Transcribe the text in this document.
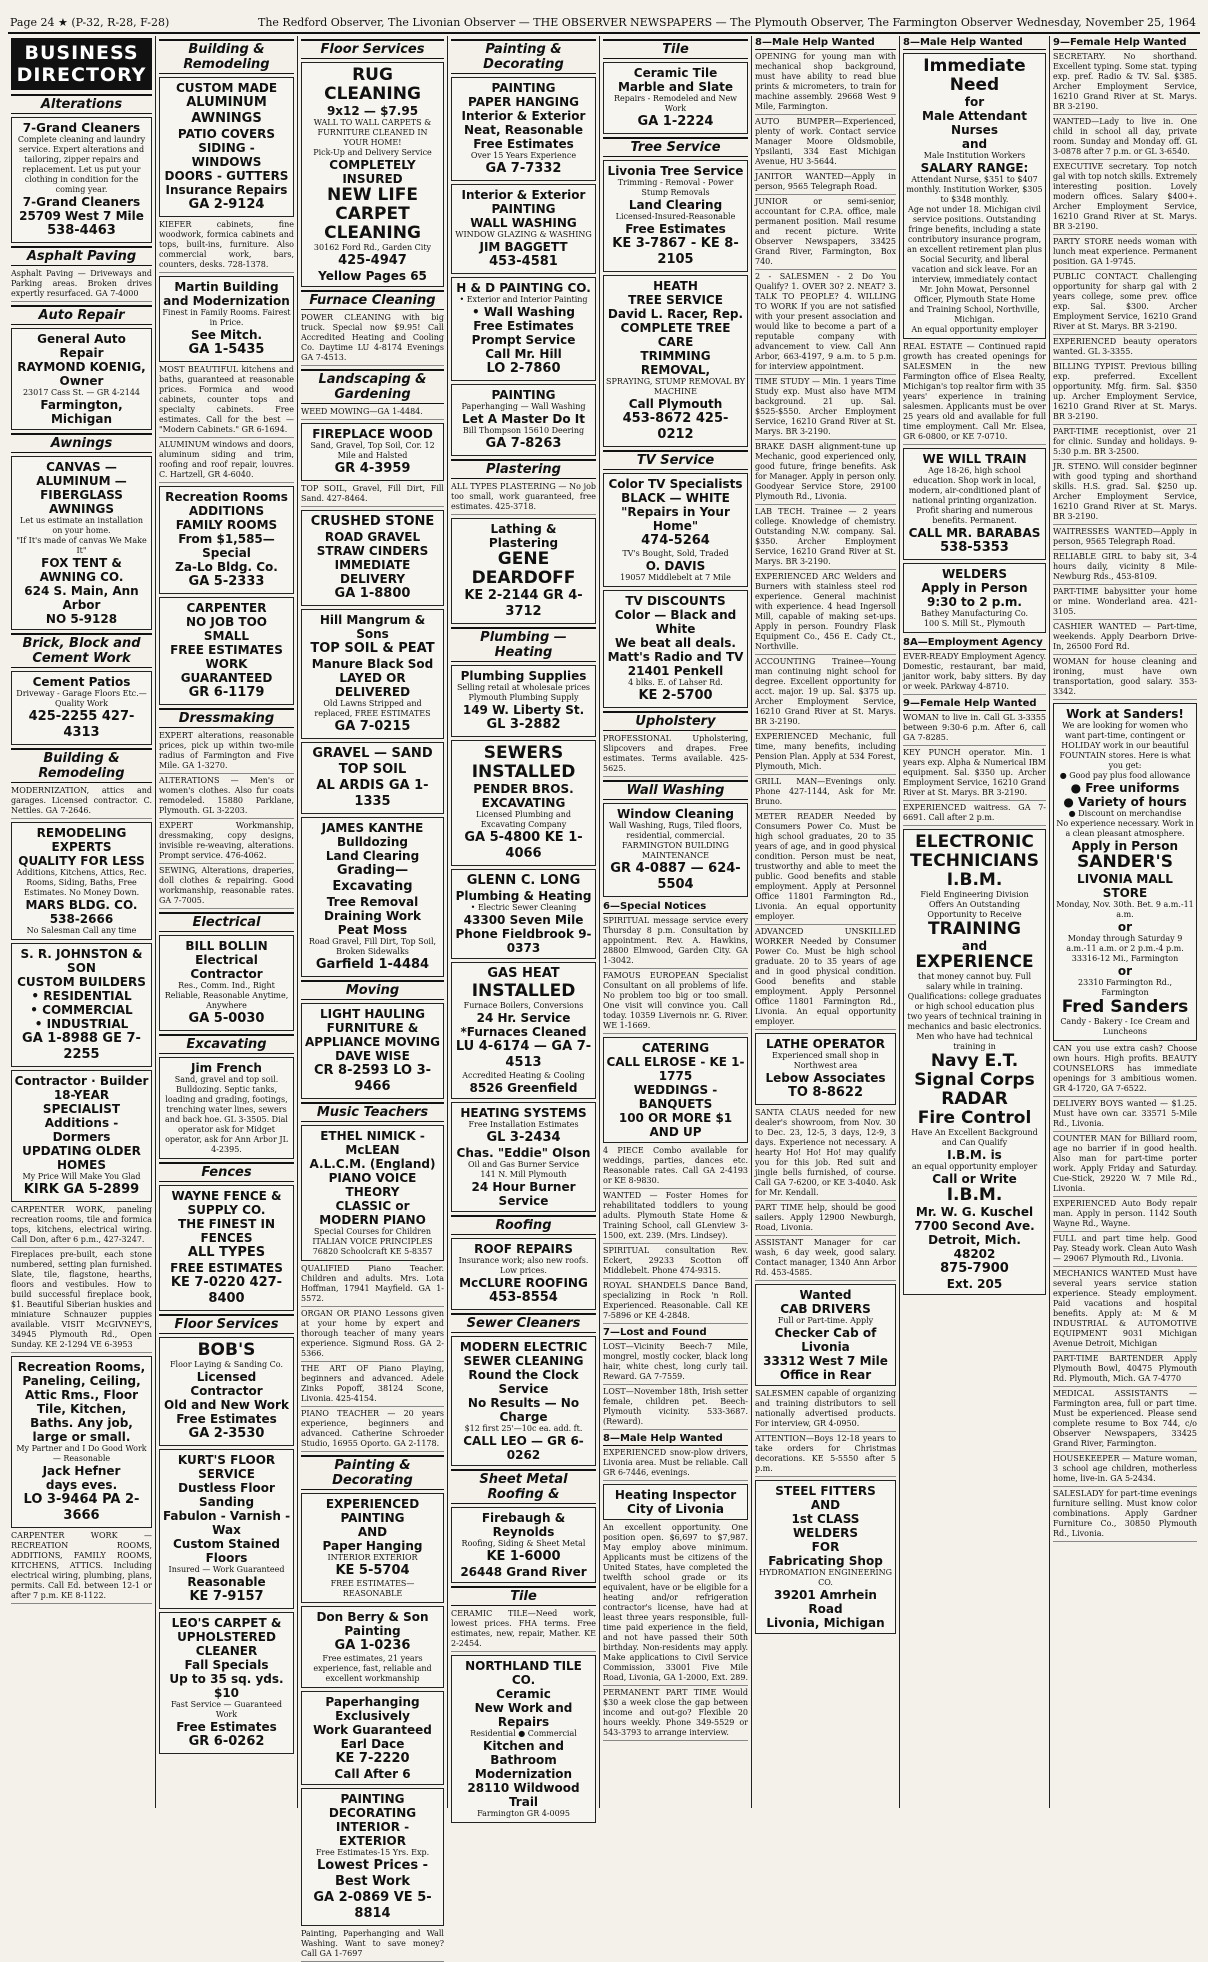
Page 24 ★ (P-32, R-28, F-28)	The Redford Observer, The Livonian Observer — THE OBSERVER NEWSPAPERS — The Plymouth Observer, The Farmington Observer Wednesday, November 25, 1964
BUSINESS
DIRECTORY
Alterations
7-Grand Cleaners
Complete cleaning and laundry service. Expert alterations and tailoring, zipper repairs and replacement. Let us put your clothing in condition for the coming year.
7-Grand Cleaners
25709 West 7 Mile
538-4463
Asphalt Paving
Asphalt Paving — Driveways and Parking areas. Broken drives expertly resurfaced. GA 7-4000
Auto Repair
General Auto Repair
RAYMOND KOENIG, Owner
23017 Cass St. — GR 4-2144
Farmington, Michigan
Awnings
CANVAS — ALUMINUM — FIBERGLASS AWNINGS
Let us estimate an installation on your home.
"If It's made of canvas We Make It"
FOX TENT & AWNING CO.
624 S. Main, Ann Arbor
NO 5-9128
Brick, Block and Cement Work
Cement Patios
Driveway - Garage Floors Etc.—Quality Work
425-2255 427-4313
Building & Remodeling
MODERNIZATION, attics and garages. Licensed contractor. C. Nettles. GA 7-2646.
REMODELING EXPERTS
QUALITY FOR LESS
Additions, Kitchens, Attics, Rec. Rooms, Siding, Baths, Free Estimates. No Money Down.
MARS BLDG. CO. 538-2666
No Salesman Call any time
S. R. JOHNSTON & SON
CUSTOM BUILDERS
• RESIDENTIAL
• COMMERCIAL
• INDUSTRIAL
GA 1-8988 GE 7-2255
Contractor · Builder
18-YEAR SPECIALIST
Additions - Dormers
UPDATING OLDER HOMES
My Price Will Make You Glad
KIRK GA 5-2899
CARPENTER WORK, paneling recreation rooms, tile and formica tops, kitchens, electrical wiring. Call Don, after 6 p.m., 427-3247.
Fireplaces pre-built, each stone numbered, setting plan furnished. Slate, tile, flagstone, hearths, floors and vestibules. How to build successful fireplace book, $1. Beautiful Siberian huskies and miniature Schnauzer puppies available. VISIT McGIVNEY'S, 34945 Plymouth Rd., Open Sunday. KE 2-1294 VE 6-3953
Recreation Rooms, Paneling, Ceiling, Attic Rms., Floor Tile, Kitchen, Baths. Any job, large or small.
My Partner and I Do Good Work — Reasonable
Jack Hefner
days eves.
LO 3-9464 PA 2-3666
CARPENTER WORK — RECREATION ROOMS, ADDITIONS, FAMILY ROOMS, KITCHENS, ATTICS. Including electrical wiring, plumbing, plans, permits. Call Ed. between 12-1 or after 7 p.m. KE 8-1122.
Building & Remodeling
CUSTOM MADE
ALUMINUM AWNINGS
PATIO COVERS
SIDING - WINDOWS
DOORS - GUTTERS
Insurance Repairs
GA 2-9124
KIEFER cabinets, fine woodwork, formica cabinets and tops, built-ins, furniture. Also commercial work, bars, counters, desks. 728-1378.
Martin Building and Modernization
Finest in Family Rooms. Fairest in Price.
See Mitch.
GA 1-5435
MOST BEAUTIFUL kitchens and baths, guaranteed at reasonable prices. Formica and wood cabinets, counter tops and specialty cabinets. Free estimates. Call for the best — "Modern Cabinets." GR 6-1694.
ALUMINUM windows and doors, aluminum siding and trim, roofing and roof repair, louvres. C. Hartzell, GR 4-6040.
Recreation Rooms
ADDITIONS
FAMILY ROOMS
From $1,585—Special
Za-Lo Bldg. Co.
GA 5-2333
CARPENTER
NO JOB TOO SMALL
FREE ESTIMATES
WORK GUARANTEED
GR 6-1179
Dressmaking
EXPERT alterations, reasonable prices, pick up within two-mile radius of Farmington and Five Mile. GA 1-3270.
ALTERATIONS — Men's or women's clothes. Also fur coats remodeled. 15880 Parklane, Plymouth. GL 3-2203.
EXPERT Workmanship, dressmaking, copy designs, invisible re-weaving, alterations. Prompt service. 476-4062.
SEWING, Alterations, draperies, doll clothes & repairing. Good workmanship, reasonable rates. GA 7-7005.
Electrical
BILL BOLLIN
Electrical Contractor
Res., Comm. Ind., Right Reliable, Reasonable Anytime, Anywhere
GA 5-0030
Excavating
Jim French
Sand, gravel and top soil. Bulldozing. Septic tanks, loading and grading, footings, trenching water lines, sewers and back hoe. GL 3-3505. Dial operator ask for Midget operator, ask for Ann Arbor JL 4-2395.
Fences
WAYNE FENCE & SUPPLY CO.
THE FINEST IN FENCES
ALL TYPES
FREE ESTIMATES
KE 7-0220 427-8400
Floor Services
BOB'S
Floor Laying & Sanding Co.
Licensed Contractor
Old and New Work
Free Estimates
GA 2-3530
KURT'S FLOOR SERVICE
Dustless Floor Sanding
Fabulon - Varnish - Wax
Custom Stained Floors
Insured — Work Guaranteed
Reasonable
KE 7-9157
LEO'S CARPET & UPHOLSTERED CLEANER
Fall Specials
Up to 35 sq. yds. $10
Fast Service — Guaranteed Work
Free Estimates
GR 6-0262
Floor Services
RUG CLEANING
9x12 — $7.95
WALL TO WALL CARPETS & FURNITURE CLEANED IN YOUR HOME!
Pick-Up and Delivery Service
COMPLETELY INSURED
NEW LIFE CARPET CLEANING
30162 Ford Rd., Garden City
425-4947
Yellow Pages 65
Furnace Cleaning
POWER CLEANING with big truck. Special now $9.95! Call Accredited Heating and Cooling Co. Daytime LU 4-8174 Evenings GA 7-4513.
Landscaping & Gardening
WEED MOWING—GA 1-4484.
FIREPLACE WOOD
Sand, Gravel, Top Soil, Cor. 12 Mile and Halsted
GR 4-3959
TOP SOIL, Gravel, Fill Dirt, Fill Sand. 427-8464.
CRUSHED STONE
ROAD GRAVEL
STRAW CINDERS
IMMEDIATE DELIVERY
GA 1-8800
Hill Mangrum & Sons
TOP SOIL & PEAT
Manure Black Sod
LAYED OR DELIVERED
Old Lawns Stripped and replaced, FREE ESTIMATES
GA 7-0215
GRAVEL — SAND
TOP SOIL
AL ARDIS GA 1-1335
JAMES KANTHE
Bulldozing
Land Clearing
Grading—Excavating
Tree Removal
Draining Work
Peat Moss
Road Gravel, Fill Dirt, Top Soil, Broken Sidewalks
Garfield 1-4484
Moving
LIGHT HAULING
FURNITURE &
APPLIANCE MOVING
DAVE WISE
CR 8-2593 LO 3-9466
Music Teachers
ETHEL NIMICK - McLEAN
A.L.C.M. (England)
PIANO VOICE THEORY
CLASSIC or MODERN PIANO
Special Courses for Children
ITALIAN VOICE PRINCIPLES
76820 Schoolcraft KE 5-8357
QUALIFIED Piano Teacher. Children and adults. Mrs. Lota Hoffman, 17941 Mayfield. GA 1-5572.
ORGAN OR PIANO Lessons given at your home by expert and thorough teacher of many years experience. Sigmund Ross. GA 2-5366.
THE ART OF Piano Playing, beginners and advanced. Adele Zinks Popoff, 38124 Scone, Livonia. 425-4154.
PIANO TEACHER — 20 years experience, beginners and advanced. Catherine Schroeder Studio, 16955 Oporto. GA 2-1178.
Painting & Decorating
EXPERIENCED
PAINTING
AND
Paper Hanging
INTERIOR EXTERIOR
KE 5-5704
FREE ESTIMATES—REASONABLE
Don Berry & Son
Painting
GA 1-0236
Free estimates, 21 years experience, fast, reliable and excellent workmanship
Paperhanging
Exclusively
Work Guaranteed
Earl Dace
KE 7-2220
Call After 6
PAINTING
DECORATING
INTERIOR - EXTERIOR
Free Estimates-15 Yrs. Exp.
Lowest Prices - Best Work
GA 2-0869 VE 5-8814
Painting, Paperhanging and Wall Washing. Want to save money? Call GA 1-7697
Painting & Decorating
PAINTING
PAPER HANGING
Interior & Exterior
Neat, Reasonable
Free Estimates
Over 15 Years Experience
GA 7-7332
Interior & Exterior
PAINTING
WALL WASHING
WINDOW GLAZING & WASHING
JIM BAGGETT
453-4581
H & D PAINTING CO.
• Exterior and Interior Painting
• Wall Washing
Free Estimates
Prompt Service
Call Mr. Hill
LO 2-7860
PAINTING
Paperhanging — Wall Washing
Let A Master Do It
Bill Thompson 15610 Deering
GA 7-8263
Plastering
ALL TYPES PLASTERING — No job too small, work guaranteed, free estimates. 425-3718.
Lathing & Plastering
GENE
DEARDOFF
KE 2-2144 GR 4-3712
Plumbing — Heating
Plumbing Supplies
Selling retail at wholesale prices
Plymouth Plumbing Supply
149 W. Liberty St.
GL 3-2882
SEWERS
INSTALLED
PENDER BROS.
EXCAVATING
Licensed Plumbing and Excavating Company
GA 5-4800 KE 1-4066
GLENN C. LONG
Plumbing & Heating
• Electric Sewer Cleaning
43300 Seven Mile
Phone Fieldbrook 9-0373
GAS HEAT
INSTALLED
Furnace Boilers, Conversions
24 Hr. Service
*Furnaces Cleaned
LU 4-6174 — GA 7-4513
Accredited Heating & Cooling
8526 Greenfield
HEATING SYSTEMS
Free Installation Estimates
GL 3-2434
Chas. "Eddie" Olson
Oil and Gas Burner Service
141 N. Mill Plymouth
24 Hour Burner Service
Roofing
ROOF REPAIRS
Insurance work; also new roofs. Low prices.
McCLURE ROOFING
453-8554
Sewer Cleaners
MODERN ELECTRIC
SEWER CLEANING
Round the Clock Service
No Results — No Charge
$12 first 25'—10c ea. add. ft.
CALL LEO — GR 6-0262
Sheet Metal Roofing &
Firebaugh & Reynolds
Roofing, Siding & Sheet Metal
KE 1-6000
26448 Grand River
Tile
CERAMIC TILE—Need work, lowest prices. FHA terms. Free estimates, new, repair, Mather. KE 2-2454.
NORTHLAND TILE CO.
Ceramic
New Work and Repairs
Residential ● Commercial
Kitchen and Bathroom
Modernization
28110 Wildwood Trail
Farmington GR 4-0095
Tile
Ceramic Tile
Marble and Slate
Repairs - Remodeled and New Work
GA 1-2224
Tree Service
Livonia Tree Service
Trimming - Removal - Power Stump Removals
Land Clearing
Licensed-Insured-Reasonable
Free Estimates
KE 3-7867 - KE 8-2105
HEATH
TREE SERVICE
David L. Racer, Rep.
COMPLETE TREE CARE
TRIMMING REMOVAL,
SPRAYING, STUMP REMOVAL BY MACHINE
Call Plymouth
453-8672 425-0212
TV Service
Color TV Specialists
BLACK — WHITE
"Repairs in Your Home"
474-5264
TV's Bought, Sold, Traded
O. DAVIS
19057 Middlebelt at 7 Mile
TV DISCOUNTS
Color — Black and White
We beat all deals.
Matt's Radio and TV
21401 Penkell
4 blks. E. of Lahser Rd.
KE 2-5700
Upholstery
PROFESSIONAL Upholstering, Slipcovers and drapes. Free estimates. Terms available. 425-5625.
Wall Washing
Window Cleaning
Wall Washing, Rugs, Tiled floors, residential, commercial.
FARMINGTON BUILDING MAINTENANCE
GR 4-0887 — 624-5504
6—Special Notices
SPIRITUAL message service every Thursday 8 p.m. Consultation by appointment. Rev. A. Hawkins, 28800 Elmwood, Garden City. GA 1-3042.
FAMOUS EUROPEAN Specialist Consultant on all problems of life. No problem too big or too small. One visit will convince you. Call today. 10359 Livernois nr. G. River. WE 1-1669.
CATERING
CALL ELROSE - KE 1-1775
WEDDINGS - BANQUETS
100 OR MORE $1 AND UP
4 PIECE Combo available for weddings, parties, dances etc. Reasonable rates. Call GA 2-4193 or KE 8-9830.
WANTED — Foster Homes for rehabilitated toddlers to young adults. Plymouth State Home & Training School, call GLenview 3-1500, ext. 239. (Mrs. Lindsey).
SPIRITUAL consultation Rev. Eckert, 29233 Scotton off Middlebelt. Phone 474-9315.
ROYAL SHANDELS Dance Band, specializing in Rock 'n Roll. Experienced. Reasonable. Call KE 7-5896 or KE 4-2848.
7—Lost and Found
LOST—Vicinity Beech-7 Mile, mongrel, mostly cocker, black long hair, white chest, long curly tail. Reward. GA 7-7559.
LOST—November 18th, Irish setter female, children pet. Beech-Plymouth vicinity. 533-3687. (Reward).
8—Male Help Wanted
EXPERIENCED snow-plow drivers, Livonia area. Must be reliable. Call GR 6-7446, evenings.
Heating Inspector
City of Livonia
An excellent opportunity. One position open. $6,697 to $7,987. May employ above minimum. Applicants must be citizens of the United States, have completed the twelfth school grade or its equivalent, have or be eligible for a heating and/or refrigeration contractor's license, have had at least three years responsible, full-time paid experience in the field, and not have passed their 50th birthday. Non-residents may apply. Make applications to Civil Service Commission, 33001 Five Mile Road, Livonia, GA 1-2000, Ext. 289.
PERMANENT PART TIME Would $30 a week close the gap between income and out-go? Flexible 20 hours weekly. Phone 349-5529 or 543-3793 to arrange interview.
8—Male Help Wanted
OPENING for young man with mechanical shop background, must have ability to read blue prints & micrometers, to train for machine assembly. 29668 West 9 Mile, Farmington.
AUTO BUMPER—Experienced, plenty of work. Contact service Manager Moore Oldsmobile, Ypsilanti, 334 East Michigan Avenue, HU 3-5644.
JANITOR WANTED—Apply in person, 9565 Telegraph Road.
JUNIOR or semi-senior, accountant for C.P.A. office, male permanent position. Mail resume and recent picture. Write Observer Newspapers, 33425 Grand River, Farmington, Box 740.
2 - SALESMEN - 2 Do You Qualify? 1. OVER 30? 2. NEAT? 3. TALK TO PEOPLE? 4. WILLING TO WORK If you are not satisfied with your present association and would like to become a part of a reputable company with advancement to view. Call Ann Arbor, 663-4197, 9 a.m. to 5 p.m. for interview appointment.
TIME STUDY — Min. 1 years Time Study exp. Must also have MTM background. 21 up. Sal. $525-$550. Archer Employment Service, 16210 Grand River at St. Marys. BR 3-2190.
BRAKE DASH alignment-tune up Mechanic, good experienced only, good future, fringe benefits. Ask for Manager. Apply in person only. Goodyear Service Store, 29100 Plymouth Rd., Livonia.
LAB TECH. Trainee — 2 years college. Knowledge of chemistry. Outstanding N.W. company. Sal. $350. Archer Employment Service, 16210 Grand River at St. Marys. BR 3-2190.
EXPERIENCED ARC Welders and Burners with stainless steel rod experience. General machinist with experience. 4 head Ingersoll Mill, capable of making set-ups. Apply in person. Foundry Flask Equipment Co., 456 E. Cady Ct., Northville.
ACCOUNTING Trainee—Young man continuing night school for degree. Excellent opportunity for acct. major. 19 up. Sal. $375 up. Archer Employment Service, 16210 Grand River at St. Marys. BR 3-2190.
EXPERIENCED Mechanic, full time, many benefits, including Pension Plan. Apply at 534 Forest, Plymouth, Mich.
GRILL MAN—Evenings only. Phone 427-1144, Ask for Mr. Bruno.
METER READER Needed by Consumers Power Co. Must be high school graduates, 20 to 35 years of age, and in good physical condition. Person must be neat, trustworthy and able to meet the public. Good benefits and stable employment. Apply at Personnel Office 11801 Farmington Rd., Livonia. An equal opportunity employer.
ADVANCED UNSKILLED WORKER Needed by Consumer Power Co. Must be high school graduate. 20 to 35 years of age and in good physical condition. Good benefits and stable employment. Apply Personnel Office 11801 Farmington Rd., Livonia. An equal opportunity employer.
LATHE OPERATOR
Experienced small shop in Northwest area
Lebow Associates
TO 8-8622
SANTA CLAUS needed for new dealer's showroom, from Nov. 30 to Dec. 23, 12-5, 3 days, 12-9, 3 days. Experience not necessary. A hearty Ho! Ho! Ho! may qualify you for this job. Red suit and jingle bells furnished, of course. Call GA 7-6200, or KE 3-4040. Ask for Mr. Kendall.
PART TIME help, should be good sailers. Apply 12900 Newburgh, Road, Livonia.
ASSISTANT Manager for car wash, 6 day week, good salary. Contact manager, 1340 Ann Arbor Rd. 453-4585.
Wanted
CAB DRIVERS
Full or Part-time. Apply
Checker Cab of Livonia
33312 West 7 Mile
Office in Rear
SALESMEN capable of organizing and training distributors to sell nationally advertised products. For interview, GR 4-0950.
ATTENTION—Boys 12-18 years to take orders for Christmas decorations. KE 5-5550 after 5 p.m.
STEEL FITTERS
AND
1st CLASS WELDERS
FOR
Fabricating Shop
HYDROMATION ENGINEERING CO.
39201 Amrhein Road
Livonia, Michigan
8—Male Help Wanted
Immediate
Need
for
Male Attendant Nurses
and
Male Institution Workers
SALARY RANGE:
Attendant Nurse, $351 to $407 monthly. Institution Worker, $305 to $348 monthly.
Age not under 18. Michigan civil service positions. Outstanding fringe benefits, including a state contributory insurance program, an excellent retirement plan plus Social Security, and liberal vacation and sick leave. For an interview, immediately contact Mr. John Mowat, Personnel Officer, Plymouth State Home and Training School, Northville, Michigan.
An equal opportunity employer
REAL ESTATE — Continued rapid growth has created openings for SALESMEN in the new Farmington office of Elsea Realty, Michigan's top realtor firm with 35 years' experience in training salesmen. Applicants must be over 25 years old and available for full time employment. Call Mr. Elsea, GR 6-0800, or KE 7-0710.
WE WILL TRAIN
Age 18-26, high school education. Shop work in local, modern, air-conditioned plant of national printing organization. Profit sharing and numerous benefits. Permanent.
CALL MR. BARABAS
538-5353
WELDERS
Apply in Person
9:30 to 2 p.m.
Bathey Manufacturing Co.
100 S. Mill St., Plymouth
8A—Employment Agency
EVER-READY Employment Agency. Domestic, restaurant, bar maid, janitor work, baby sitters. By day or week. PArkway 4-8710.
9—Female Help Wanted
WOMAN to live in. Call GL 3-3355 between 9:30-6 p.m. After 6, call GA 7-8285.
KEY PUNCH operator. Min. 1 years exp. Alpha & Numerical IBM equipment. Sal. $350 up. Archer Employment Service, 16210 Grand River at St. Marys. BR 3-2190.
EXPERIENCED waitress. GA 7-6691. Call after 2 p.m.
ELECTRONIC
TECHNICIANS
I.B.M.
Field Engineering Division
Offers An Outstanding Opportunity to Receive
TRAINING
and
EXPERIENCE
that money cannot buy. Full salary while in training. Qualifications: college graduates or high school education plus two years of technical training in mechanics and basic electronics. Men who have had technical training in
Navy E.T.
Signal Corps
RADAR
Fire Control
Have An Excellent Background and Can Qualify
I.B.M. is
an equal opportunity employer
Call or Write
I.B.M.
Mr. W. G. Kuschel
7700 Second Ave.
Detroit, Mich. 48202
875-7900
Ext. 205
9—Female Help Wanted
SECRETARY. No shorthand. Excellent typing. Some stat. typing exp. pref. Radio & TV. Sal. $385. Archer Employment Service, 16210 Grand River at St. Marys. BR 3-2190.
WANTED—Lady to live in. One child in school all day, private room. Sunday and Monday off. GL 3-0878 after 7 p.m. or GL 3-6540.
EXECUTIVE secretary. Top notch gal with top notch skills. Extremely interesting position. Lovely modern offices. Salary $400+. Archer Employment Service, 16210 Grand River at St. Marys. BR 3-2190.
PARTY STORE needs woman with lunch meat experience. Permanent position. GA 1-9745.
PUBLIC CONTACT. Challenging opportunity for sharp gal with 2 years college, some prev. office exp. Sal. $300. Archer Employment Service, 16210 Grand River at St. Marys. BR 3-2190.
EXPERIENCED beauty operators wanted. GL 3-3355.
BILLING TYPIST. Previous billing exp. preferred. Excellent opportunity. Mfg. firm. Sal. $350 up. Archer Employment Service, 16210 Grand River at St. Marys. BR 3-2190.
PART-TIME receptionist, over 21 for clinic. Sunday and holidays. 9-5:30 p.m. BR 3-2500.
JR. STENO. Will consider beginner with good typing and shorthand skills. H.S. grad. Sal. $250 up. Archer Employment Service, 16210 Grand River at St. Marys. BR 3-2190.
WAITRESSES WANTED—Apply in person, 9565 Telegraph Road.
RELIABLE GIRL to baby sit, 3-4 hours daily, vicinity 8 Mile-Newburg Rds., 453-8109.
PART-TIME babysitter your home or mine. Wonderland area. 421-3105.
CASHIER WANTED — Part-time, weekends. Apply Dearborn Drive-In, 26500 Ford Rd.
WOMAN for house cleaning and ironing, must have own transportation, good salary. 353-3342.
Work at Sanders!
We are looking for women who want part-time, contingent or HOLIDAY work in our beautiful FOUNTAIN stores. Here is what you get:
● Good pay plus food allowance
● Free uniforms
● Variety of hours
● Discount on merchandise
No experience necessary. Work in a clean pleasant atmosphere.
Apply in Person
SANDER'S
LIVONIA MALL
STORE
Monday, Nov. 30th. Bet. 9 a.m.-11 a.m.
or
Monday through Saturday 9 a.m.-11 a.m. or 2 p.m.-4 p.m. 33316-12 Mi., Farmington
or
23310 Farmington Rd., Farmington
Fred Sanders
Candy - Bakery - Ice Cream and Luncheons
CAN you use extra cash? Choose own hours. High profits. BEAUTY COUNSELORS has immediate openings for 3 ambitious women. GR 4-1720, GA 7-6522.
DELIVERY BOYS wanted — $1.25. Must have own car. 33571 5-Mile Rd., Livonia.
COUNTER MAN for Billiard room, age no barrier if in good health. Also man for part-time porter work. Apply Friday and Saturday. Cue-Stick, 29220 W. 7 Mile Rd., Livonia.
EXPERIENCED Auto Body repair man. Apply in person. 1142 South Wayne Rd., Wayne.
FULL and part time help. Good Pay. Steady work. Clean Auto Wash — 29067 Plymouth Rd., Livonia.
MECHANICS WANTED Must have several years service station experience. Steady employment. Paid vacations and hospital benefits. Apply at: M & M INDUSTRIAL & AUTOMOTIVE EQUIPMENT 9031 Michigan Avenue Detroit, Michigan
PART-TIME BARTENDER Apply Plymouth Bowl, 40475 Plymouth Rd. Plymouth, Mich. GA 7-4770
MEDICAL ASSISTANTS — Farmington area, full or part time. Must be experienced. Please send complete resume to Box 744, c/o Observer Newspapers, 33425 Grand River, Farmington.
HOUSEKEEPER — Mature woman, 3 school age children, motherless home, live-in. GA 5-2434.
SALESLADY for part-time evenings furniture selling. Must know color combinations. Apply Gardner Furniture Co., 30850 Plymouth Rd., Livonia.
